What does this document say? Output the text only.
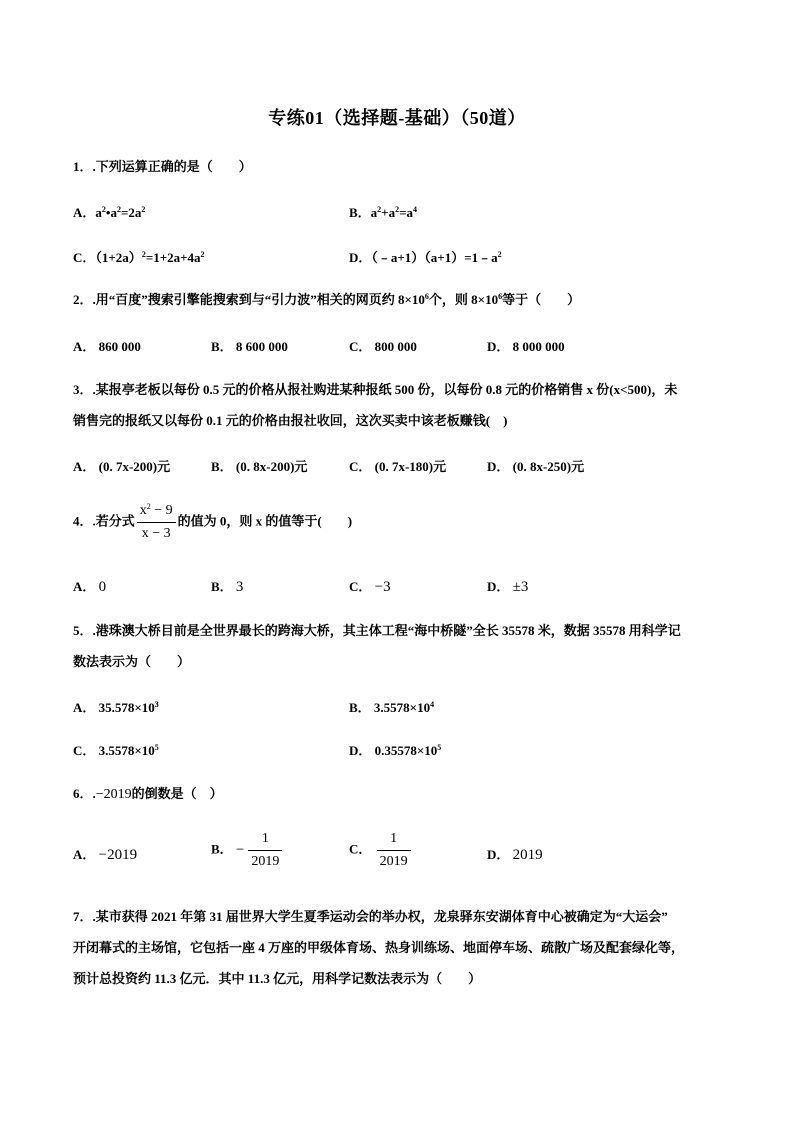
专练01（选择题-基础）（50道）
1．.下列运算正确的是（　　）
A．$a^2•a^2=2a^2$	B．$a^2+a^2=a^4$
C．$(1+2a)^2=1+2a+4a^2$	D．$(﹣a+1)(a+1)=1﹣a^2$
2．.用“百度”搜索引擎能搜索到与“引力波”相关的网页约 $8\times 10^6$个，则 $8\times 10^6$等于（　　）
A． 860 000	B． 8 600 000	C． 800 000	D． 8 000 000
3．.某报亭老板以每份 0.5 元的价格从报社购进某种报纸 500 份，以每份 0.8 元的价格销售 x 份(x<500)，未
销售完的报纸又以每份 0.1 元的价格由报社收回，这次买卖中该老板赚钱(　)
A． (0. 7x-200)元	B． (0. 8x-200)元	C． (0. 7x-180)元	D． (0. 8x-250)元
4．.若分式 $\frac{x^2 - 9}{x - 3}$ 的值为 0，则 x 的值等于(　　)
A． 0	B． 3	C． −3	D． ±3
5．.港珠澳大桥目前是全世界最长的跨海大桥，其主体工程“海中桥隧”全长 35578 米，数据 35578 用科学记
数法表示为（　　）
A． $35.578\times 10^3$	B． $3.5578\times 10^4$
C． $3.5578\times 10^5$	D． $0.35578\times 10^5$
6．.−2019的倒数是（　）
A． −2019	B． − $\frac{1}{2019}$	C． $\frac{1}{2019}$	D． 2019
7．.某市获得 2021 年第 31 届世界大学生夏季运动会的举办权，龙泉驿东安湖体育中心被确定为“大运会”
开闭幕式的主场馆，它包括一座 4 万座的甲级体育场、热身训练场、地面停车场、疏散广场及配套绿化等，
预计总投资约 11.3 亿元．其中 11.3 亿元，用科学记数法表示为（　　）
